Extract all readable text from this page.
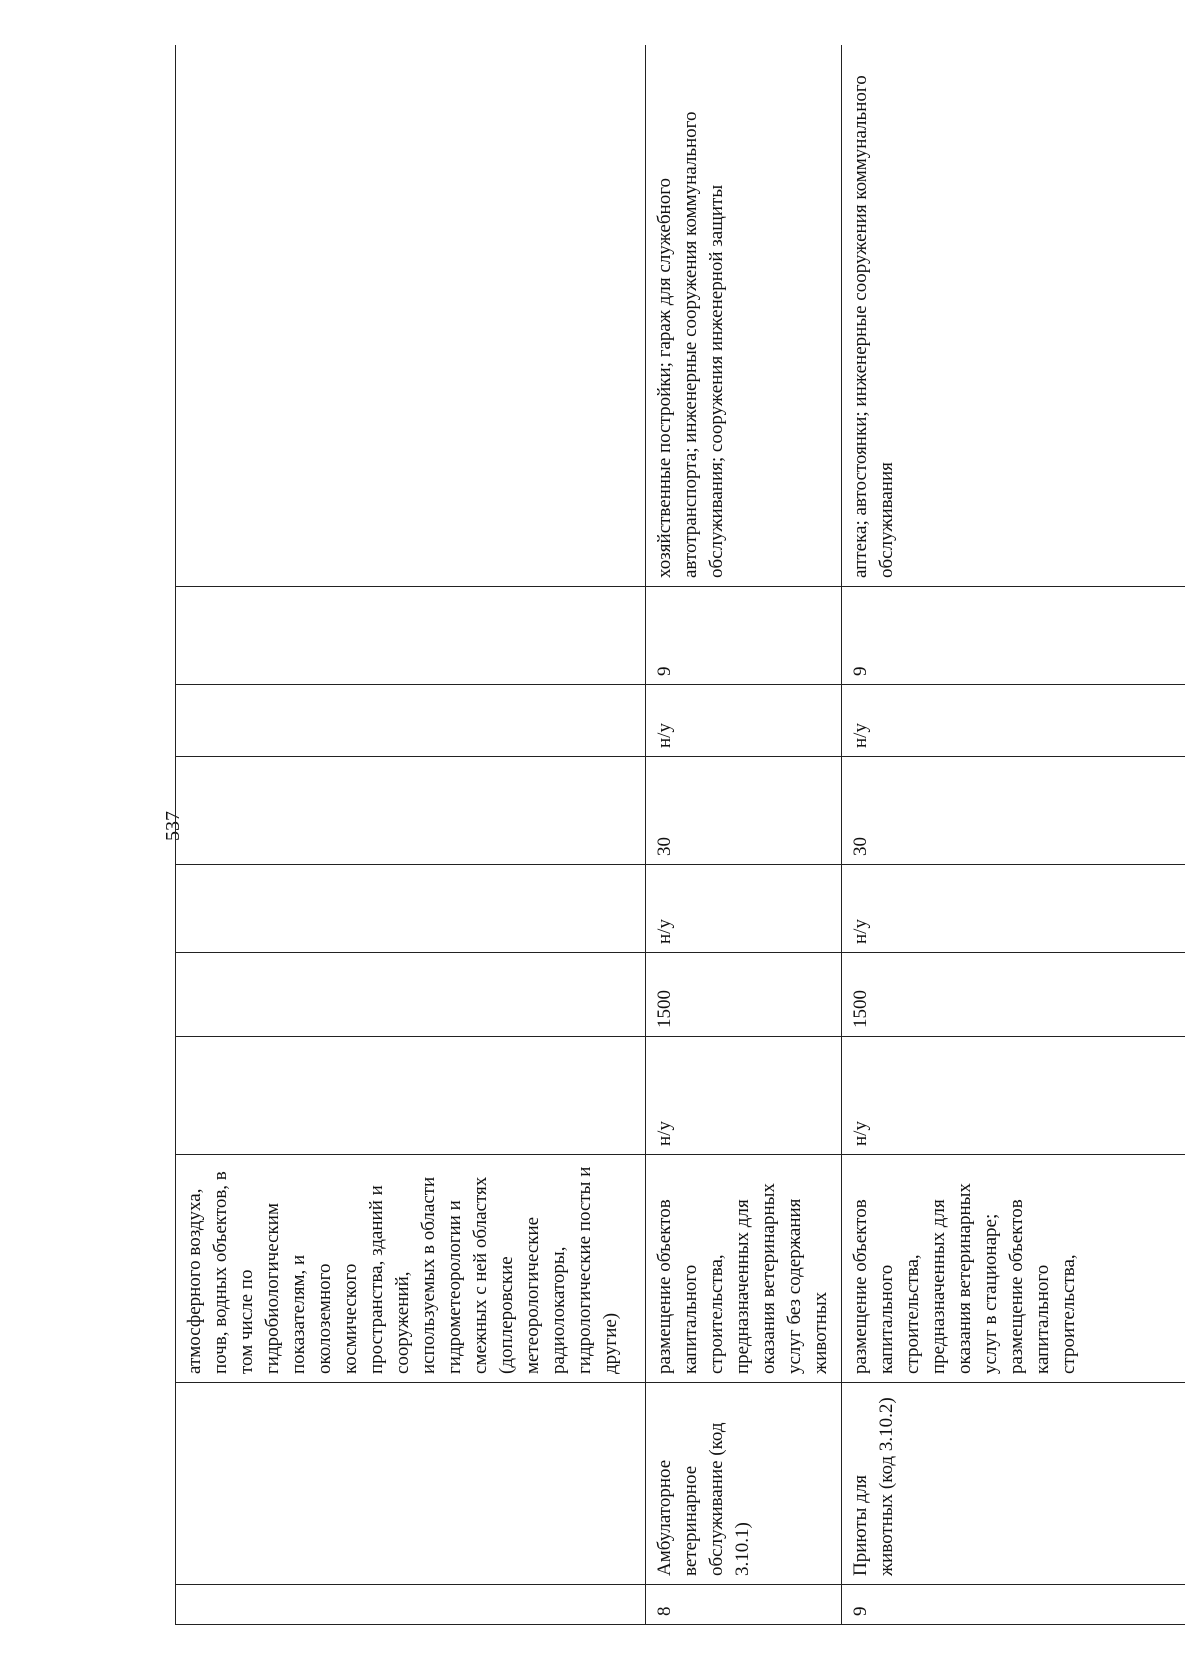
537
		атмосферного воздуха, почв, водных объектов, в том числе по гидробиологическим показателям, и околоземного космического пространства, зданий и сооружений, используемых в области гидрометеорологии и смежных с ней областях (доплеровские метеорологические радиолокаторы, гидрологические посты и другие)							
8	Амбулаторное ветеринарное обслуживание (код 3.10.1)	размещение объектов капитального строительства, предназначенных для оказания ветеринарных услуг без содержания животных	н/у	1500	н/у	30	н/у	9	хозяйственные постройки; гараж для служебного автотранспорта; инженерные сооружения коммунального обслуживания; сооружения инженерной защиты
9	Приюты для животных (код 3.10.2)	размещение объектов капитального строительства, предназначенных для оказания ветеринарных услуг в стационаре; размещение объектов капитального строительства,	н/у	1500	н/у	30	н/у	9	аптека; автостоянки; инженерные сооружения коммунального обслуживания
